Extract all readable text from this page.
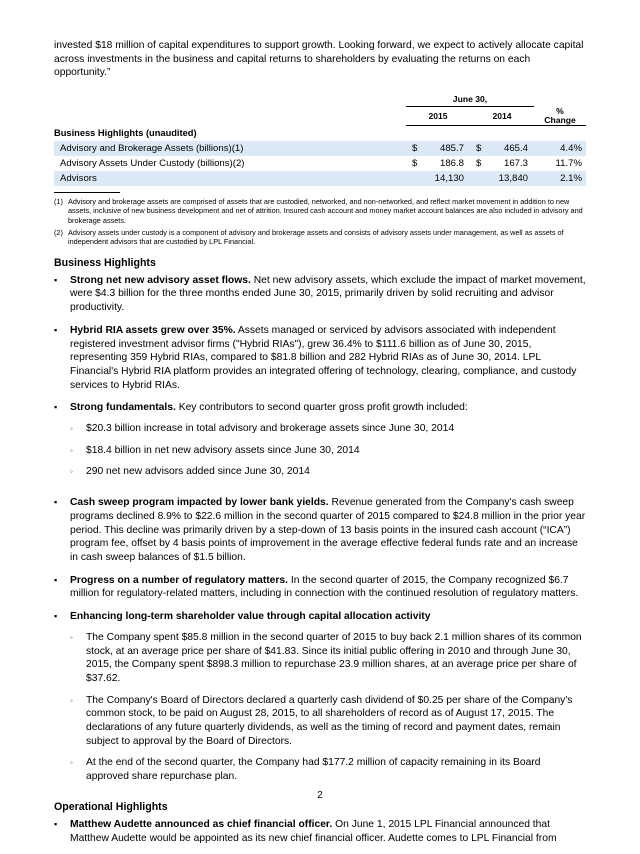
invested $18 million of capital expenditures to support growth. Looking forward, we expect to actively allocate capital across investments in the business and capital returns to shareholders by evaluating the returns on each opportunity.”

	June 30,				
	2015		2014		%
Change
Business Highlights (unaudited)					
Advisory and Brokerage Assets (billions)(1)	$	485.7	$	465.4	4.4%
Advisory Assets Under Custody (billions)(2)	$	186.8	$	167.3	11.7%
Advisors		14,130		13,840	2.1%
(1) Advisory and brokerage assets are comprised of assets that are custodied, networked, and non-networked, and reflect market movement in addition to new assets, inclusive of new business development and net of attrition. Insured cash account and money market account balances are also included in advisory and brokerage assets.
(2) Advisory assets under custody is a component of advisory and brokerage assets and consists of advisory assets under management, as well as assets of independent advisors that are custodied by LPL Financial.
Business Highlights
▪	Strong net new advisory asset flows. Net new advisory assets, which exclude the impact of market movement, were $4.3 billion for the three months ended June 30, 2015, primarily driven by solid recruiting and advisor productivity.
▪	Hybrid RIA assets grew over 35%. Assets managed or serviced by advisors associated with independent registered investment advisor firms ("Hybrid RIAs"), grew 36.4% to $111.6 billion as of June 30, 2015, representing 359 Hybrid RIAs, compared to $81.8 billion and 282 Hybrid RIAs as of June 30, 2014. LPL Financial's Hybrid RIA platform provides an integrated offering of technology, clearing, compliance, and custody services to Hybrid RIAs.
▪	Strong fundamentals. Key contributors to second quarter gross profit growth included:
◦	$20.3 billion increase in total advisory and brokerage assets since June 30, 2014
◦	$18.4 billion in net new advisory assets since June 30, 2014
◦	290 net new advisors added since June 30, 2014
▪	Cash sweep program impacted by lower bank yields. Revenue generated from the Company's cash sweep programs declined 8.9% to $22.6 million in the second quarter of 2015 compared to $24.8 million in the prior year period. This decline was primarily driven by a step-down of 13 basis points in the insured cash account (“ICA”) program fee, offset by 4 basis points of improvement in the average effective federal funds rate and an increase in cash sweep balances of $1.5 billion.
▪	Progress on a number of regulatory matters. In the second quarter of 2015, the Company recognized $6.7 million for regulatory-related matters, including in connection with the continued resolution of regulatory matters.
▪	Enhancing long-term shareholder value through capital allocation activity
◦	The Company spent $85.8 million in the second quarter of 2015 to buy back 2.1 million shares of its common stock, at an average price per share of $41.83. Since its initial public offering in 2010 and through June 30, 2015, the Company spent $898.3 million to repurchase 23.9 million shares, at an average price per share of $37.62.
◦	The Company's Board of Directors declared a quarterly cash dividend of $0.25 per share of the Company's common stock, to be paid on August 28, 2015, to all shareholders of record as of August 17, 2015. The declarations of any future quarterly dividends, as well as the timing of record and payment dates, remain subject to approval by the Board of Directors.
◦	At the end of the second quarter, the Company had $177.2 million of capacity remaining in its Board approved share repurchase plan.
Operational Highlights
▪	Matthew Audette announced as chief financial officer. On June 1, 2015 LPL Financial announced that Matthew Audette would be appointed as its new chief financial officer. Audette comes to LPL Financial from
2
